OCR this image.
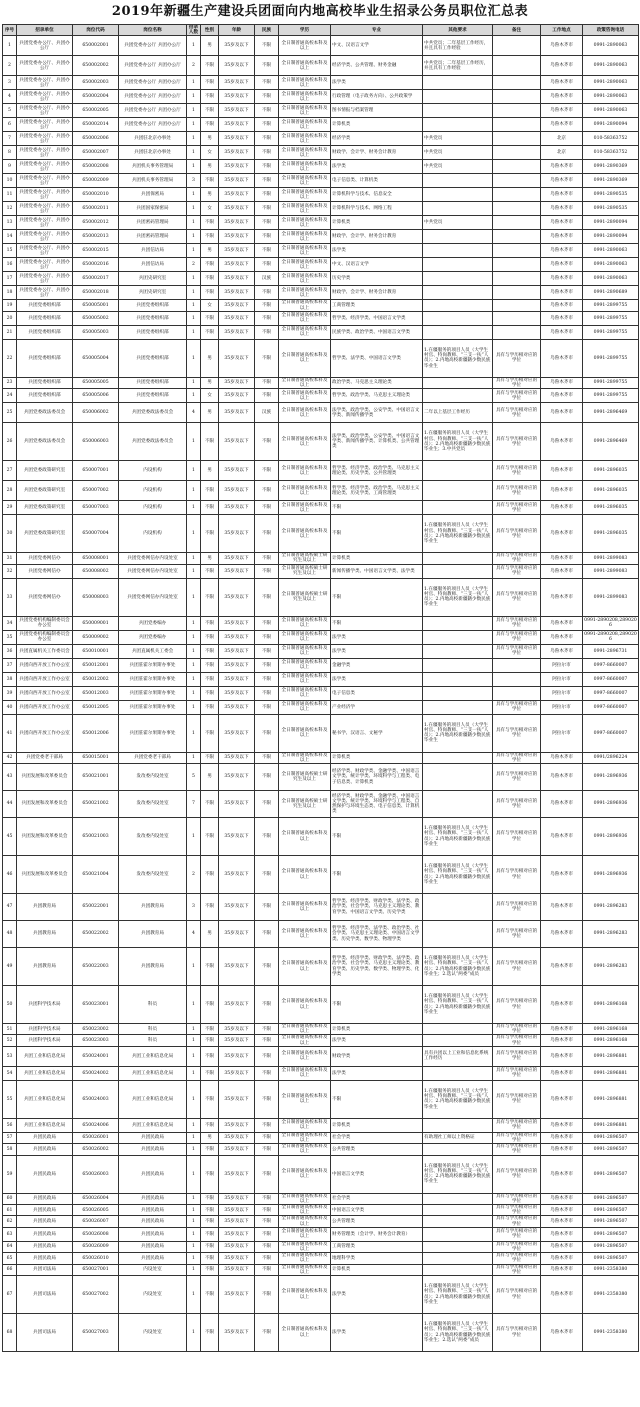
2019年新疆生产建设兵团面向内地高校毕业生招录公务员职位汇总表
序号	招录单位	岗位代码	岗位名称	招录人数	性别	年龄	民族	学历	专业	其他要求	备注	工作地点	政策咨询电话
1	兵团党委办公厅、兵团办公厅	650002001	兵团党委办公厅 兵团办公厅	1	男	35岁及以下	不限	全日制普通高校本科及以上	中文、汉语言文学	中共党员；二年基层工作经历，并且具有工作经验		乌鲁木齐市	0991-2890063
2	兵团党委办公厅、兵团办公厅	650002002	兵团党委办公厅 兵团办公厅	2	不限	35岁及以下	不限	全日制普通高校本科及以上	经济学类、公共管理、财务金融	中共党员；二年基层工作经历，并且具有工作经验		乌鲁木齐市	0991-2890063
3	兵团党委办公厅、兵团办公厅	650002003	兵团党委办公厅 兵团办公厅	1	不限	35岁及以下	不限	全日制普通高校本科及以上	法学类			乌鲁木齐市	0991-2890063
4	兵团党委办公厅、兵团办公厅	650002004	兵团党委办公厅 兵团办公厅	1	不限	35岁及以下	不限	全日制普通高校本科及以上	行政管理（电子政务方向）、公共政策学			乌鲁木齐市	0991-2890063
5	兵团党委办公厅、兵团办公厅	650002005	兵团党委办公厅 兵团办公厅	1	不限	35岁及以下	不限	全日制普通高校本科及以上	图书情报与档案管理			乌鲁木齐市	0991-2890063
6	兵团党委办公厅、兵团办公厅	650002014	兵团党委办公厅 兵团办公厅	1	不限	35岁及以下	不限	全日制普通高校本科及以上	计算机类			乌鲁木齐市	0991-2890094
7	兵团党委办公厅、兵团办公厅	650002006	兵团驻北京办事处	1	男	35岁及以下	不限	全日制普通高校本科及以上	经济学类	中共党员		北京	010-58363752
8	兵团党委办公厅、兵团办公厅	650002007	兵团驻北京办事处	1	女	35岁及以下	不限	全日制普通高校本科及以上	财政学、会计学、财务会计教育	中共党员		北京	010-58363752
9	兵团党委办公厅、兵团办公厅	650002008	兵团机关事务管理局	1	男	35岁及以下	不限	全日制普通高校本科及以上	法学类	中共党员		乌鲁木齐市	0991-2890369
10	兵团党委办公厅、兵团办公厅	650002009	兵团机关事务管理局	3	不限	35岁及以下	不限	全日制普通高校本科及以上	电子信息类、计算机类			乌鲁木齐市	0991-2890369
11	兵团党委办公厅、兵团办公厅	650002010	兵团保密局	1	男	35岁及以下	不限	全日制普通高校本科及以上	计算机科学与技术、信息安全			乌鲁木齐市	0991-2890535
12	兵团党委办公厅、兵团办公厅	650002011	兵团国家保密局	1	女	35岁及以下	不限	全日制普通高校本科及以上	计算机科学与技术、网络工程			乌鲁木齐市	0991-2890535
13	兵团党委办公厅、兵团办公厅	650002012	兵团密码管理局	1	不限	35岁及以下	不限	全日制普通高校本科及以上	计算机类	中共党员		乌鲁木齐市	0991-2890094
14	兵团党委办公厅、兵团办公厅	650002013	兵团密码管理局	1	不限	35岁及以下	不限	全日制普通高校本科及以上	财政学、会计学、财务会计教育			乌鲁木齐市	0991-2890094
15	兵团党委办公厅、兵团办公厅	650002015	兵团信访局	1	男	35岁及以下	不限	全日制普通高校本科及以上	法学类			乌鲁木齐市	0991-2890063
16	兵团党委办公厅、兵团办公厅	650002016	兵团信访局	2	不限	35岁及以下	不限	全日制普通高校本科及以上	中文、汉语言文学			乌鲁木齐市	0991-2890063
17	兵团党委办公厅、兵团办公厅	650002017	兵团史研究室	1	不限	35岁及以下	汉族	全日制普通高校本科及以上	历史学类			乌鲁木齐市	0991-2890063
18	兵团党委办公厅、兵团办公厅	650002018	兵团史研究室	1	不限	35岁及以下	不限	全日制普通高校本科及以上	财政学、会计学、财务会计教育			乌鲁木齐市	0991-2890689
19	兵团党委组织部	650005001	兵团党委组织部	1	女	35岁及以下	不限	全日制普通高校本科及以上	工商管理类			乌鲁木齐市	0991-2899755
20	兵团党委组织部	650005002	兵团党委组织部	1	不限	35岁及以下	不限	全日制普通高校本科及以上	哲学类、经济学类、中国语言文学类			乌鲁木齐市	0991-2899755
21	兵团党委组织部	650005003	兵团党委组织部	1	不限	35岁及以下	不限	全日制普通高校本科及以上	民族学类、政治学类、中国语言文学类			乌鲁木齐市	0991-2899755
22	兵团党委组织部	650005004	兵团党委组织部	1	男	35岁及以下	不限	全日制普通高校本科及以上	哲学类、法学类、中国语言文学类	1.在疆服务的项目人员（大学生村官、特岗教师、“三支一扶”人员）；2.内地高校新疆籍少数民族毕业生	具有与学历相对应的学位	乌鲁木齐市	0991-2899755
23	兵团党委组织部	650005005	兵团党委组织部	1	男	35岁及以下	不限	全日制普通高校本科及以上	政治学类、马克思主义理论类		具有与学历相对应的学位	乌鲁木齐市	0991-2899755
24	兵团党委组织部	650005006	兵团党委组织部	1	女	35岁及以下	不限	全日制普通高校本科及以上	哲学类、政治学类、马克思主义理论类		具有与学历相对应的学位	乌鲁木齐市	0991-2899755
25	兵团党委政法委员会	650006002	兵团党委政法委员会	4	男	35岁及以下	汉族	全日制普通高校本科及以上	法学类、政治学类、公安学类、中国语言文学类、新闻传播学类	二年以上基层工作经历	具有与学历相对应的学位	乌鲁木齐市	0991-2896469
26	兵团党委政法委员会	650006003	兵团党委政法委员会	1	不限	35岁及以下	不限	全日制普通高校本科及以上	法学类、政治学类、公安学类、中国语言文学类、新闻传播学类、计算机类、公共管理类	1.在疆服务的项目人员（大学生村官、特岗教师、“三支一扶”人员）；2.内地高校新疆籍少数民族毕业生；3.中共党员	具有与学历相对应的学位	乌鲁木齐市	0991-2896469
27	兵团党委政策研究室	650007001	内设机构	1	男	35岁及以下	不限	全日制普通高校本科及以上	哲学类、经济学类、政治学类、马克思主义理论类、历史学类、公共管理类		具有与学历相对应的学位	乌鲁木齐市	0991-2896035
28	兵团党委政策研究室	650007002	内设机构	1	不限	35岁及以下	不限	全日制普通高校本科及以上	哲学类、经济学类、政治学类、马克思主义理论类、历史学类、工商管理类		具有与学历相对应的学位	乌鲁木齐市	0991-2896035
29	兵团党委政策研究室	650007003	内设机构	1	不限	35岁及以下	不限	全日制普通高校本科及以上	不限		具有与学历相对应的学位	乌鲁木齐市	0991-2896035
30	兵团党委政策研究室	650007004	内设机构	1	不限	35岁及以下	不限	全日制普通高校本科及以上	不限	1.在疆服务的项目人员（大学生村官、特岗教师、“三支一扶”人员）；2.内地高校新疆籍少数民族毕业生	具有与学历相对应的学位	乌鲁木齐市	0991-2896035
31	兵团党委网信办	650008001	兵团党委网信办内设处室	1	男	35岁及以下	不限	全日制普通高校硕士研究生及以上	计算机类		具有与学历相对应的学位	乌鲁木齐市	0991-2899083
32	兵团党委网信办	650008002	兵团党委网信办内设处室	1	不限	35岁及以下	不限	全日制普通高校硕士研究生及以上	新闻传播学类、中国语言文学类、法学类		具有与学历相对应的学位	乌鲁木齐市	0991-2899083
33	兵团党委网信办	650008003	兵团党委网信办内设处室	1	不限	35岁及以下	不限	全日制普通高校硕士研究生及以上	不限	1.在疆服务的项目人员（大学生村官、特岗教师、“三支一扶”人员）；2.内地高校新疆籍少数民族毕业生	具有与学历相对应的学位	乌鲁木齐市	0991-2899083
34	兵团党委机构编制委员会办公室	650009001	兵团党委编办	1	不限	35岁及以下	不限	全日制普通高校本科及以上	不限		具有与学历相对应的学位	乌鲁木齐市	0991-2890208,2890206
35	兵团党委机构编制委员会办公室	650009002	兵团党委编办	1	不限	35岁及以下	不限	全日制普通高校本科及以上	法学类		具有与学历相对应的学位	乌鲁木齐市	0991-2890208,2890206
36	兵团直属机关工作委员会	650010001	兵团直属机关工委会	1	不限	35岁及以下	不限	全日制普通高校本科及以上	法学类		具有与学历相对应的学位	乌鲁木齐市	0991-2896731
37	兵团向西开放工作办公室	650012001	兵团驻霍尔果斯办事处	1	不限	35岁及以下	不限	全日制普通高校本科及以上	金融学类			阿拉尔市	0997-8660007
38	兵团向西开放工作办公室	650012002	兵团驻霍尔果斯办事处	1	不限	35岁及以下	不限	全日制普通高校本科及以上	法学类			阿拉尔市	0997-8660007
39	兵团向西开放工作办公室	650012003	兵团驻霍尔果斯办事处	1	不限	35岁及以下	不限	全日制普通高校本科及以上	电子信息类			阿拉尔市	0997-8660007
40	兵团向西开放工作办公室	650012005	兵团驻霍尔果斯办事处	1	不限	35岁及以下	不限	全日制普通高校本科及以上	产业经济学		具有与学历相对应的学位	阿拉尔市	0997-8660007
41	兵团向西开放工作办公室	650012006	兵团驻霍尔果斯办事处	1	不限	35岁及以下	不限	全日制普通高校本科及以上	秘书学、汉语言、文秘学	1.在疆服务的项目人员（大学生村官、特岗教师、“三支一扶”人员）；2.内地高校新疆籍少数民族毕业生	具有与学历相对应的学位	阿拉尔市	0997-8660007
42	兵团党委老干部局	650015001	兵团党委老干部局	1	不限	35岁及以下	不限	全日制普通高校本科及以上	计算机类		具有与学历相对应的学位	乌鲁木齐市	0991/2896224
43	兵团发展和改革委员会	650021001	发改委内设处室	5	男	35岁及以下	不限	全日制普通高校硕士研究生及以上	经济学类、财政学类、金融学类、中国语言文学类、统计学类、环境科学与工程类、电子信息类、计算机类		具有与学历相对应的学位	乌鲁木齐市	0991-2896936
44	兵团发展和改革委员会	650021002	发改委内设处室	7	不限	35岁及以下	不限	全日制普通高校硕士研究生及以上	经济学类、财政学类、金融学类、中国语言文学类、统计学类、环境科学与工程类、自然保护与环境生态类、电子信息类、计算机类		具有与学历相对应的学位	乌鲁木齐市	0991-2896936
45	兵团发展和改革委员会	650021003	发改委内设处室	1	不限	35岁及以下	不限	全日制普通高校本科及以上	不限	1.在疆服务的项目人员（大学生村官、特岗教师、“三支一扶”人员）；2.内地高校新疆籍少数民族毕业生	具有与学历相对应的学位	乌鲁木齐市	0991-2896936
46	兵团发展和改革委员会	650021004	发改委内设处室	2	不限	35岁及以下	不限	全日制普通高校本科及以上	不限	1.在疆服务的项目人员（大学生村官、特岗教师、“三支一扶”人员）；2.内地高校新疆籍少数民族毕业生	具有与学历相对应的学位	乌鲁木齐市	0991-2896936
47	兵团教育局	650022001	兵团教育局	3	不限	35岁及以下	不限	全日制普通高校本科及以上	哲学类、经济学类、财政学类、法学类、政治学类、社会学类、马克思主义理论类、教育学类、中国语言文学类、历史学类		具有与学历相对应的学位	乌鲁木齐市	0991-2896283
48	兵团教育局	650022002	兵团教育局	4	男	35岁及以下	不限	全日制普通高校本科及以上	哲学类、经济学类、法学类、政治学类、社会学类、马克思主义理论类、中国语言文学类、历史学类、数学类、物理学类		具有与学历相对应的学位	乌鲁木齐市	0991-2896283
49	兵团教育局	650022003	兵团教育局	1	不限	35岁及以下	不限	全日制普通高校本科及以上	哲学类、经济学类、财政学类、法学类、政治学类、社会学类、马克思主义理论类、教育学类、历史学类、数学类、物理学类、化学类	1.在疆服务的项目人员（大学生村官、特岗教师、“三支一扶”人员）；2.内地高校新疆籍少数民族毕业生；2.选认“两委”成员	具有与学历相对应的学位	乌鲁木齐市	0991-2896283
50	兵团科学技术局	650023001	科员	1	不限	35岁及以下	不限	全日制普通高校本科及以上	不限	1.在疆服务的项目人员（大学生村官、特岗教师、“三支一扶”人员）；2.内地高校新疆籍少数民族毕业生	具有与学历相对应的学位	乌鲁木齐市	0991-2896168
51	兵团科学技术局	650023002	科员	1	不限	35岁及以下	不限	全日制普通高校本科及以上	计算机类		具有与学历相对应的学位	乌鲁木齐市	0991-2896168
52	兵团科学技术局	650023003	科员	1	不限	35岁及以下	不限	全日制普通高校本科及以上	法学类		具有与学历相对应的学位	乌鲁木齐市	0991-2896168
53	兵团工业和信息化局	650024001	兵团工业和信息化局	1	不限	35岁及以下	不限	全日制普通高校本科及以上	财政学类	具有兵团以上工业和信息化系统工作经历	具有与学历相对应的学位	乌鲁木齐市	0991-2896881
54	兵团工业和信息化局	650024002	兵团工业和信息化局	1	不限	35岁及以下	不限	全日制普通高校本科及以上	法学类		具有与学历相对应的学位	乌鲁木齐市	0991-2896881
55	兵团工业和信息化局	650024003	兵团工业和信息化局	1	不限	35岁及以下	不限	全日制普通高校本科及以上	不限	1.在疆服务的项目人员（大学生村官、特岗教师、“三支一扶”人员）；2.内地高校新疆籍少数民族毕业生	具有与学历相对应的学位	乌鲁木齐市	0991-2896881
56	兵团工业和信息化局	650024006	兵团工业和信息化局	1	不限	35岁及以下	不限	全日制普通高校本科及以上	计算机类		具有与学历相对应的学位	乌鲁木齐市	0991-2896881
57	兵团民政局	650026001	兵团民政局	1	男	35岁及以下	不限	全日制普通高校本科及以上	社会学类	有助理社工师以上资格证	具有与学历相对应的学位	乌鲁木齐市	0991-2896507
58	兵团民政局	650026002	兵团民政局	1	不限	35岁及以下	不限	全日制普通高校本科及以上	公共管理类		具有与学历相对应的学位	乌鲁木齐市	0991-2896507
59	兵团民政局	650026003	兵团民政局	1	不限	35岁及以下	不限	全日制普通高校本科及以上	中国语言文学类	1.在疆服务的项目人员（大学生村官、特岗教师、“三支一扶”人员）；2.内地高校新疆籍少数民族毕业生	具有与学历相对应的学位	乌鲁木齐市	0991-2896507
60	兵团民政局	650026004	兵团民政局	1	不限	35岁及以下	不限	全日制普通高校本科及以上	社会学类		具有与学历相对应的学位	乌鲁木齐市	0991-2896507
61	兵团民政局	650026005	兵团民政局	1	不限	35岁及以下	不限	全日制普通高校本科及以上	中国语言文学类		具有与学历相对应的学位	乌鲁木齐市	0991-2896507
62	兵团民政局	650026007	兵团民政局	1	不限	35岁及以下	不限	全日制普通高校本科及以上	公共管理类		具有与学历相对应的学位	乌鲁木齐市	0991-2896507
63	兵团民政局	650026008	兵团民政局	1	不限	35岁及以下	不限	全日制普通高校本科及以上	财务管理类（会计学、财务会计教育）		具有与学历相对应的学位	乌鲁木齐市	0991-2896507
64	兵团民政局	650026009	兵团民政局	1	不限	35岁及以下	不限	全日制普通高校本科及以上	工商管理类		具有与学历相对应的学位	乌鲁木齐市	0991-2896507
65	兵团民政局	650026010	兵团民政局	1	不限	35岁及以下	不限	全日制普通高校本科及以上	地理科学类		具有与学历相对应的学位	乌鲁木齐市	0991-2896507
66	兵团司法局	650027001	内设处室	1	不限	35岁及以下	不限	全日制普通高校本科及以上	计算机类		具有与学历相对应的学位	乌鲁木齐市	0991-2358380
67	兵团司法局	650027002	内设处室	1	不限	35岁及以下	不限	全日制普通高校本科及以上	法学类	1.在疆服务的项目人员（大学生村官、特岗教师、“三支一扶”人员）；2.内地高校新疆籍少数民族毕业生	具有与学历相对应的学位	乌鲁木齐市	0991-2358380
68	兵团司法局	650027003	内设处室	1	不限	35岁及以下	不限	全日制普通高校本科及以上	法学类	1.在疆服务的项目人员（大学生村官、特岗教师、“三支一扶”人员）；2.内地高校新疆籍少数民族毕业生；2.选认“两委”成员	具有与学历相对应的学位	乌鲁木齐市	0991-2358380
